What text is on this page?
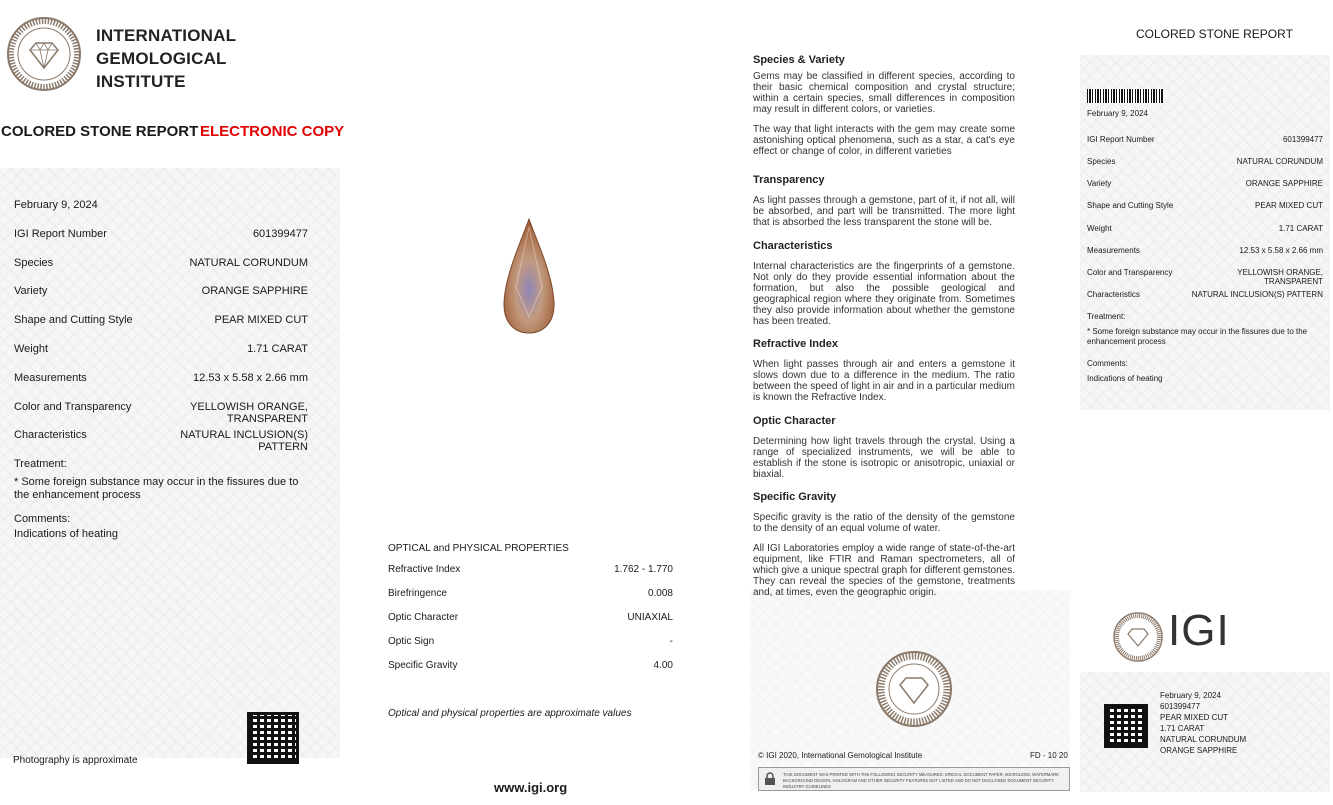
INTERNATIONAL
GEMOLOGICAL
INSTITUTE
COLORED STONE REPORT ELECTRONIC COPY
February 9, 2024
IGI Report Number	601399477
Species	NATURAL CORUNDUM
Variety	ORANGE SAPPHIRE
Shape and Cutting Style	PEAR MIXED CUT
Weight	1.71 CARAT
Measurements	12.53 x 5.58 x 2.66 mm
Color and Transparency	YELLOWISH ORANGE,
TRANSPARENT
Characteristics	NATURAL INCLUSION(S)
PATTERN
Treatment:
* Some foreign substance may occur in the fissures due to the enhancement process
Comments:
Indications of heating
Photography is approximate
OPTICAL and PHYSICAL PROPERTIES
Refractive Index	1.762 - 1.770
Birefringence	0.008
Optic Character	UNIAXIAL
Optic Sign	-
Specific Gravity	4.00
Optical and physical properties are approximate values
www.igi.org
Species & Variety
Gems may be classified in different species, according to their basic chemical composition and crystal structure; within a certain species, small differences in composition may result in different colors, or varieties.
The way that light interacts with the gem may create some astonishing optical phenomena, such as a star, a cat's eye effect or change of color, in different varieties
Transparency
As light passes through a gemstone, part of it, if not all, will be absorbed, and part will be transmitted. The more light that is absorbed the less transparent the stone will be.
Characteristics
Internal characteristics are the fingerprints of a gemstone. Not only do they provide essential information about the formation, but also the possible geological and geographical region where they originate from. Sometimes they also provide information about whether the gemstone has been treated.
Refractive Index
When light passes through air and enters a gemstone it slows down due to a difference in the medium. The ratio between the speed of light in air and in a particular medium is known the Refractive Index.
Optic Character
Determining how light travels through the crystal. Using a range of specialized instruments, we will be able to establish if the stone is isotropic or anisotropic, uniaxial or biaxial.
Specific Gravity
Specific gravity is the ratio of the density of the gemstone to the density of an equal volume of water.
All IGI Laboratories employ a wide range of state-of-the-art equipment, like FTIR and Raman spectrometers, all of which give a unique spectral graph for different gemstones. They can reveal the species of the gemstone, treatments and, at times, even the geographic origin.
© IGI 2020, International Gemological Institute	FD - 10 20
THIS DOCUMENT WAS PRINTED WITH THE FOLLOWING SECURITY MEASURES: SPECIAL DOCUMENT PAPER, MICROLENS, WATERMARK BACKGROUND DESIGN, HOLOGRAM AND OTHER SECURITY FEATURES NOT LISTED AND DO NOT DISCLOSED DOCUMENT SECURITY INDUSTRY GUIDELINES
COLORED STONE REPORT
February 9, 2024
IGI Report Number	601399477
Species	NATURAL CORUNDUM
Variety	ORANGE SAPPHIRE
Shape and Cutting Style	PEAR MIXED CUT
Weight	1.71 CARAT
Measurements	12.53 x 5.58 x 2.66 mm
Color and Transparency	YELLOWISH ORANGE,
TRANSPARENT
Characteristics	NATURAL INCLUSION(S) PATTERN
Treatment:
* Some foreign substance may occur in the fissures due to the enhancement process
Comments:
Indications of heating
IGI
February 9, 2024
601399477
PEAR MIXED CUT
1.71 CARAT
NATURAL CORUNDUM
ORANGE SAPPHIRE
